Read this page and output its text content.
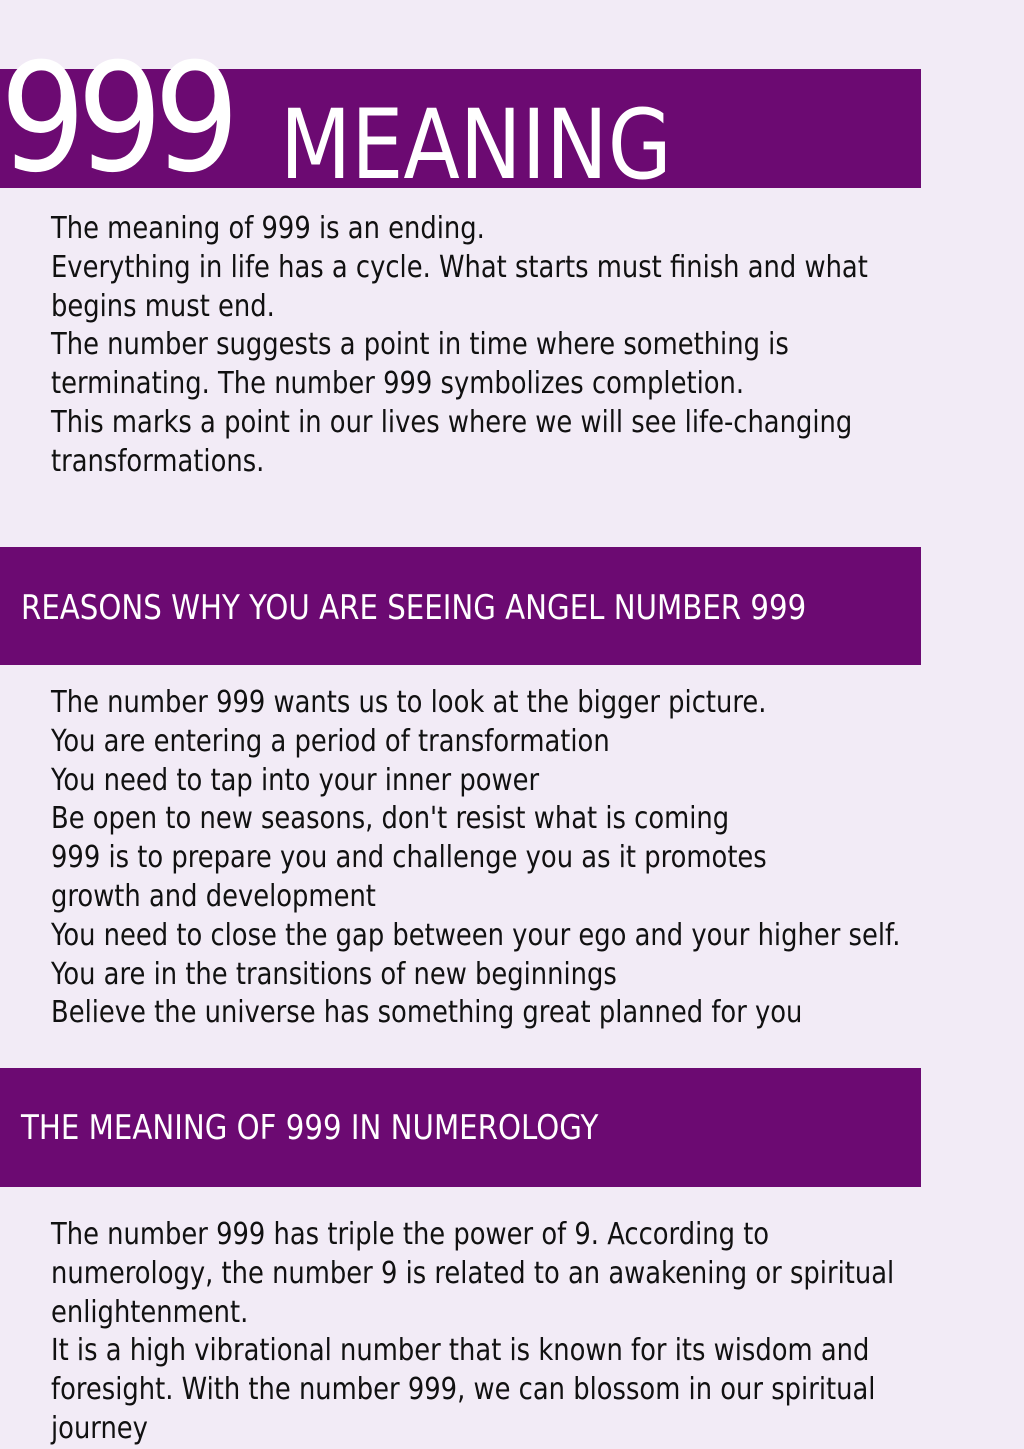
999 MEANING
The meaning of 999 is an ending.
Everything in life has a cycle. What starts must finish and what
begins must end.
The number suggests a point in time where something is
terminating. The number 999 symbolizes completion.
This marks a point in our lives where we will see life-changing
transformations.
REASONS WHY YOU ARE SEEING ANGEL NUMBER 999
The number 999 wants us to look at the bigger picture.
You are entering a period of transformation
You need to tap into your inner power
Be open to new seasons, don't resist what is coming
999 is to prepare you and challenge you as it promotes
growth and development
You need to close the gap between your ego and your higher self.
You are in the transitions of new beginnings
Believe the universe has something great planned for you
THE MEANING OF 999 IN NUMEROLOGY
The number 999 has triple the power of 9. According to
numerology, the number 9 is related to an awakening or spiritual
enlightenment.
It is a high vibrational number that is known for its wisdom and
foresight. With the number 999, we can blossom in our spiritual
journey
